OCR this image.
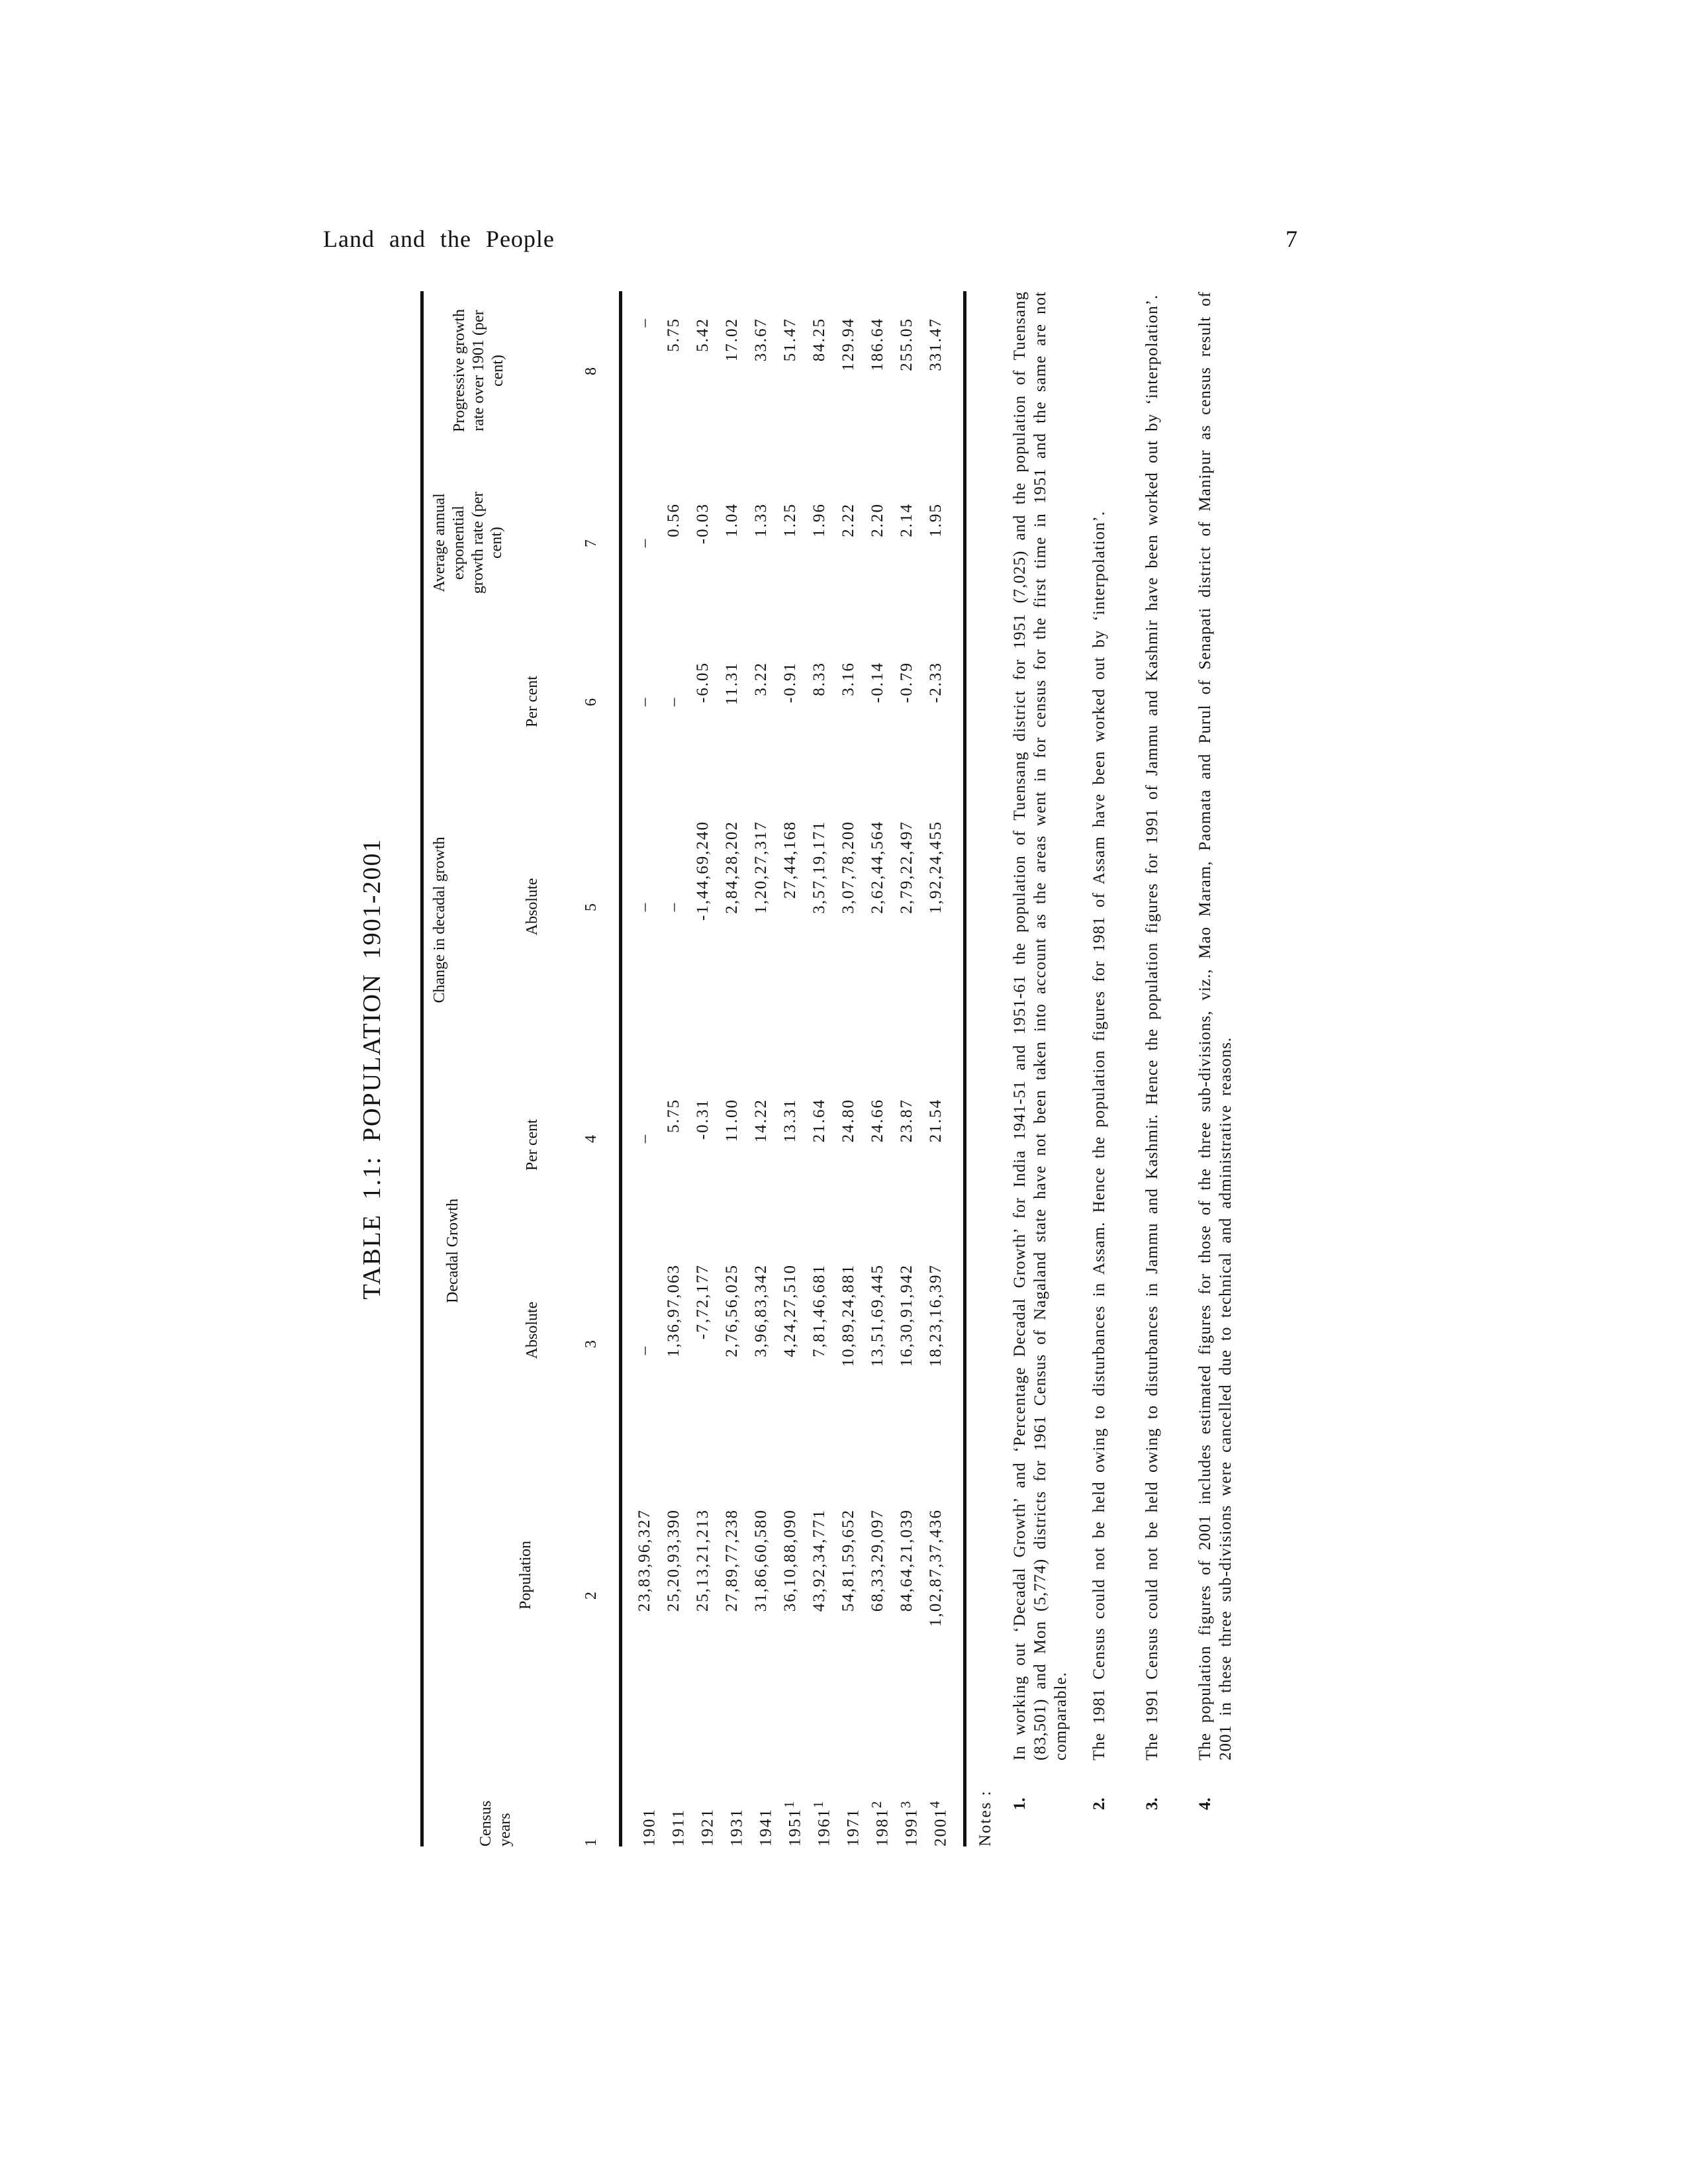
Land and the People	7
TABLE 1.1: POPULATION 1901-2001
Census years
Population
Decadal Growth
Change in decadal growth
Absolute
Per cent
Absolute
Per cent
Average annual exponential growth rate (per cent)
Progressive growth rate over 1901 (per cent)
1
2
3
4
5
6
7
8
1901
23,83,96,327
–
–
–
–
–
–
1911
25,20,93,390
1,36,97,063
5.75
–
–
0.56
5.75
1921
25,13,21,213
-7,72,177
-0.31
-1,44,69,240
-6.05
-0.03
5.42
1931
27,89,77,238
2,76,56,025
11.00
2,84,28,202
11.31
1.04
17.02
1941
31,86,60,580
3,96,83,342
14.22
1,20,27,317
3.22
1.33
33.67
1951$^1$
36,10,88,090
4,24,27,510
13.31
27,44,168
-0.91
1.25
51.47
1961$^1$
43,92,34,771
7,81,46,681
21.64
3,57,19,171
8.33
1.96
84.25
1971
54,81,59,652
10,89,24,881
24.80
3,07,78,200
3.16
2.22
129.94
1981$^2$
68,33,29,097
13,51,69,445
24.66
2,62,44,564
-0.14
2.20
186.64
1991$^3$
84,64,21,039
16,30,91,942
23.87
2,79,22,497
-0.79
2.14
255.05
2001$^4$
1,02,87,37,436
18,23,16,397
21.54
1,92,24,455
-2.33
1.95
331.47
Notes : 1.
In working out ‘Decadal Growth’ and ‘Percentage Decadal Growth’ for India 1941-51 and 1951-61 the population of Tuensang district for 1951 (7,025) and the population of Tuensang (83,501) and Mon (5,774) districts for 1961 Census of Nagaland state have not been taken into account as the areas went in for census for the first time in 1951 and the same are not comparable.
2.
The 1981 Census could not be held owing to disturbances in Assam. Hence the population figures for 1981 of Assam have been worked out by ‘interpolation’.
3.
The 1991 Census could not be held owing to disturbances in Jammu and Kashmir. Hence the population figures for 1991 of Jammu and Kashmir have been worked out by ‘interpolation’.
4.
The population figures of 2001 includes estimated figures for those of the three sub-divisions, viz., Mao Maram, Paomata and Purul of Senapati district of Manipur as census result of 2001 in these three sub-divisions were cancelled due to technical and administrative reasons.
